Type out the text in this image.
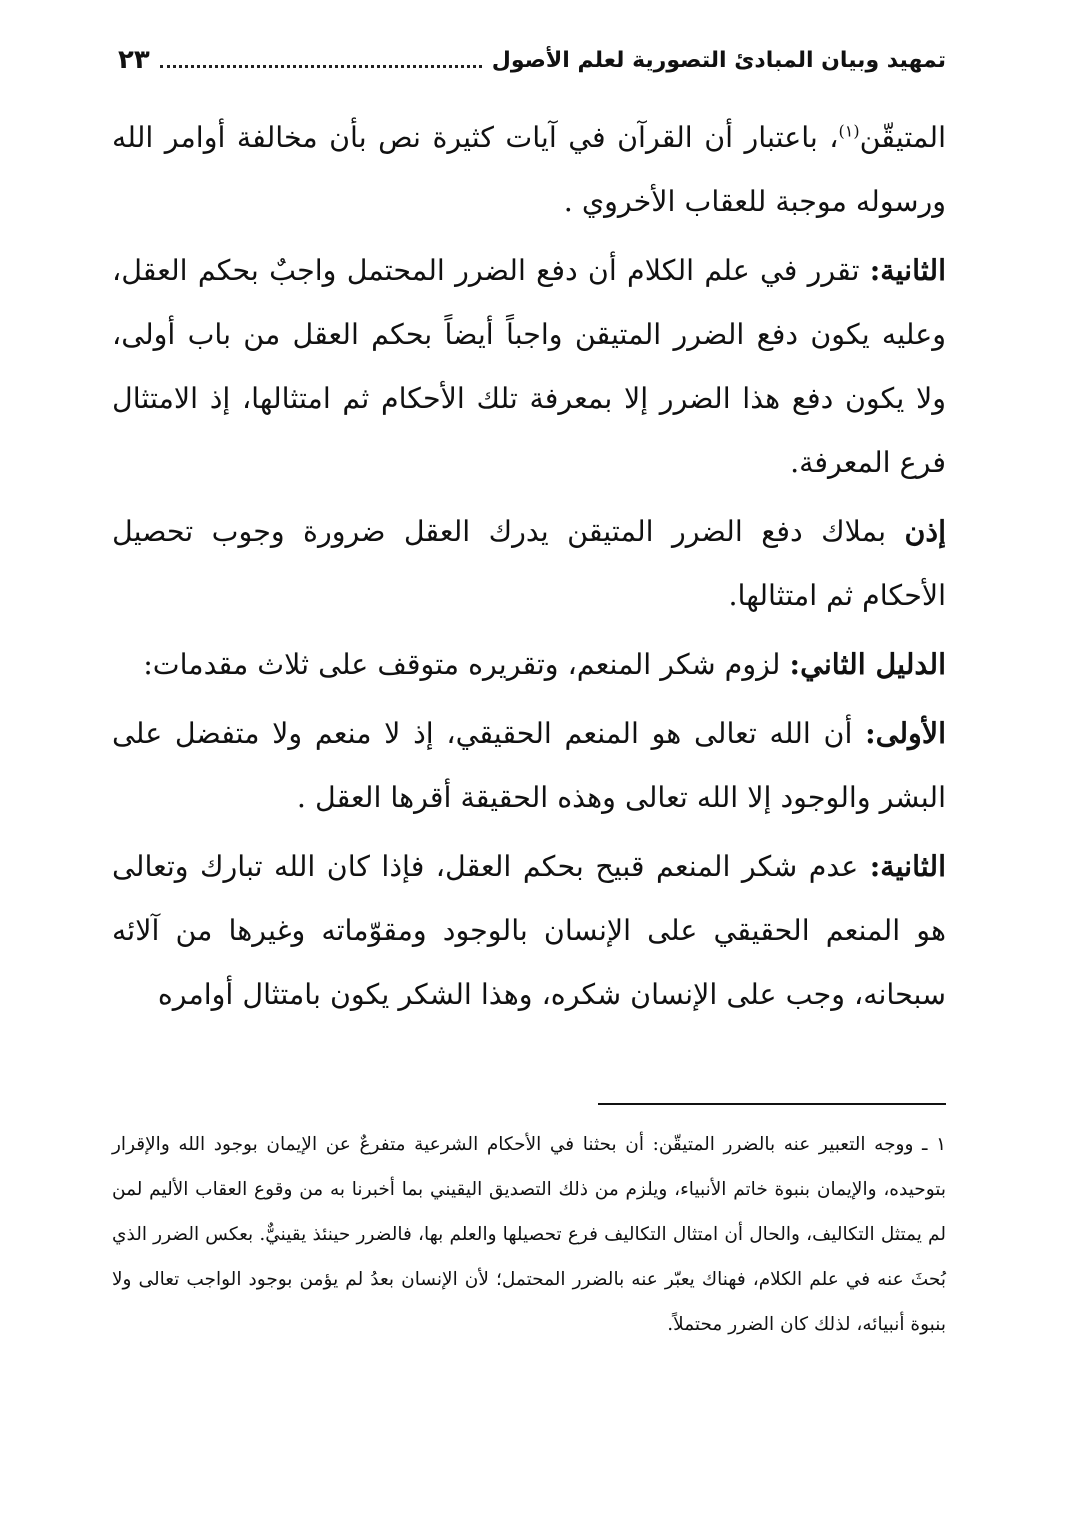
تمهيد وبيان المبادئ التصورية لعلم الأصول
٢٣

المتيقّن$^{(١)}$، باعتبار أن القرآن في آيات كثيرة نص بأن مخالفة أوامر الله ورسوله موجبة للعقاب الأخروي .

الثانية: تقرر في علم الكلام أن دفع الضرر المحتمل واجبٌ بحكم العقل، وعليه يكون دفع الضرر المتيقن واجباً أيضاً بحكم العقل من باب أولى، ولا يكون دفع هذا الضرر إلا بمعرفة تلك الأحكام ثم امتثالها، إذ الامتثال فرع المعرفة.

إذن بملاك دفع الضرر المتيقن يدرك العقل ضرورة وجوب تحصيل الأحكام ثم امتثالها.

الدليل الثاني: لزوم شكر المنعم، وتقريره متوقف على ثلاث مقدمات:

الأولى: أن الله تعالى هو المنعم الحقيقي، إذ لا منعم ولا متفضل على البشر والوجود إلا الله تعالى وهذه الحقيقة أقرها العقل .

الثانية: عدم شكر المنعم قبيح بحكم العقل، فإذا كان الله تبارك وتعالى هو المنعم الحقيقي على الإنسان بالوجود ومقوّماته وغيرها من آلائه سبحانه، وجب على الإنسان شكره، وهذا الشكر يكون بامتثال أوامره

١ ـ ووجه التعبير عنه بالضرر المتيقّن: أن بحثنا في الأحكام الشرعية متفرعٌ عن الإيمان بوجود الله والإقرار بتوحيده، والإيمان بنبوة خاتم الأنبياء، ويلزم من ذلك التصديق اليقيني بما أخبرنا به من وقوع العقاب الأليم لمن لم يمتثل التكاليف، والحال أن امتثال التكاليف فرع تحصيلها والعلم بها، فالضرر حينئذ يقينيٌّ. بعكس الضرر الذي بُحثَ عنه في علم الكلام، فهناك يعبّر عنه بالضرر المحتمل؛ لأن الإنسان بعدُ لم يؤمن بوجود الواجب تعالى ولا بنبوة أنبيائه، لذلك كان الضرر محتملاً.
